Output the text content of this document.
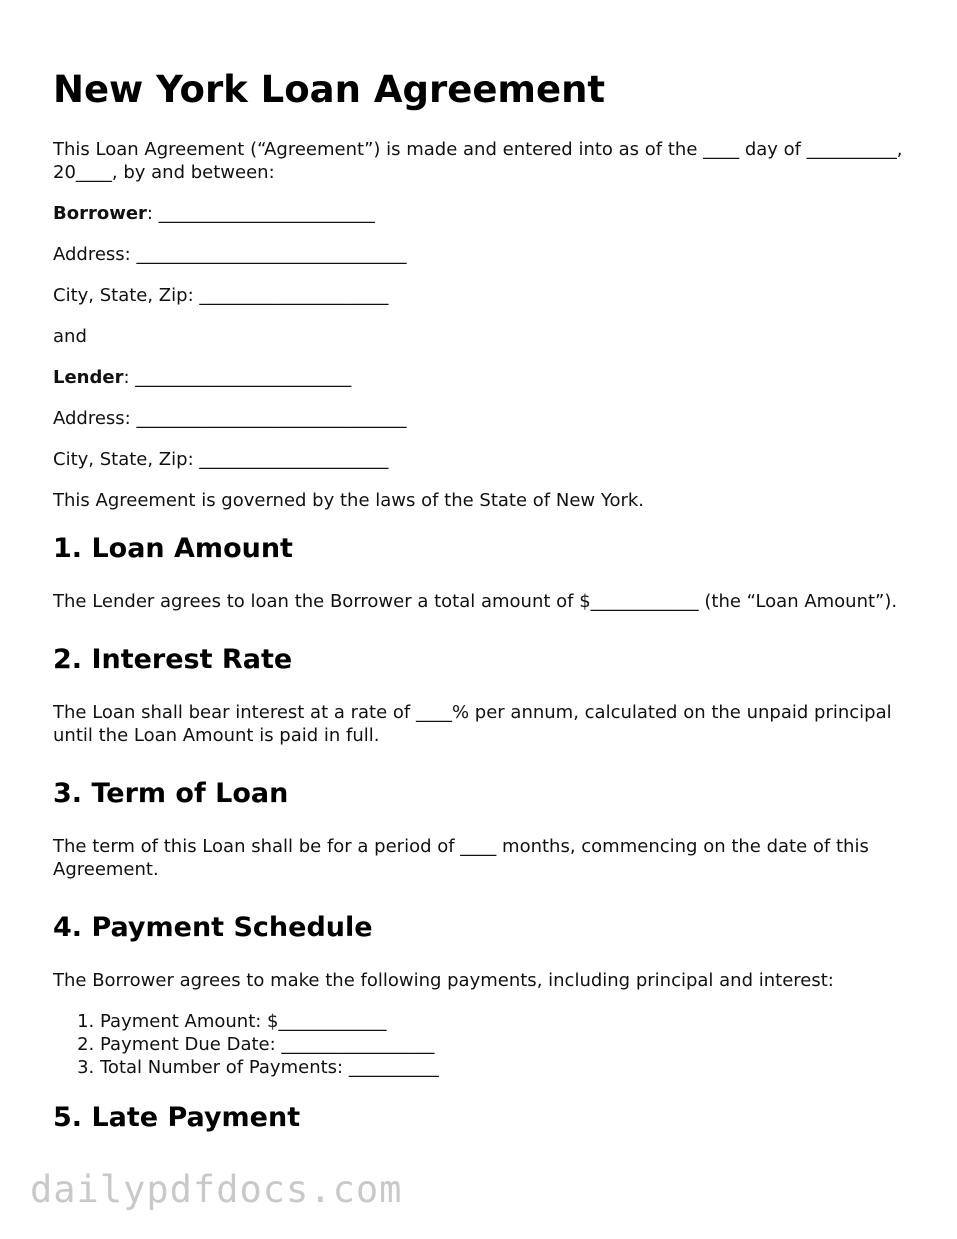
New York Loan Agreement

This Loan Agreement (“Agreement”) is made and entered into as of the ____ day of __________, 20____, by and between:

Borrower: ________________________

Address: ______________________________

City, State, Zip: _____________________

and

Lender: ________________________

Address: ______________________________

City, State, Zip: _____________________

This Agreement is governed by the laws of the State of New York.

1. Loan Amount

The Lender agrees to loan the Borrower a total amount of $____________ (the “Loan Amount”).

2. Interest Rate

The Loan shall bear interest at a rate of ____% per annum, calculated on the unpaid principal until the Loan Amount is paid in full.

3. Term of Loan

The term of this Loan shall be for a period of ____ months, commencing on the date of this Agreement.

4. Payment Schedule

The Borrower agrees to make the following payments, including principal and interest:

1. Payment Amount: $____________
2. Payment Due Date: _________________
3. Total Number of Payments: __________
5. Late Payment
dailypdfdocs.com
